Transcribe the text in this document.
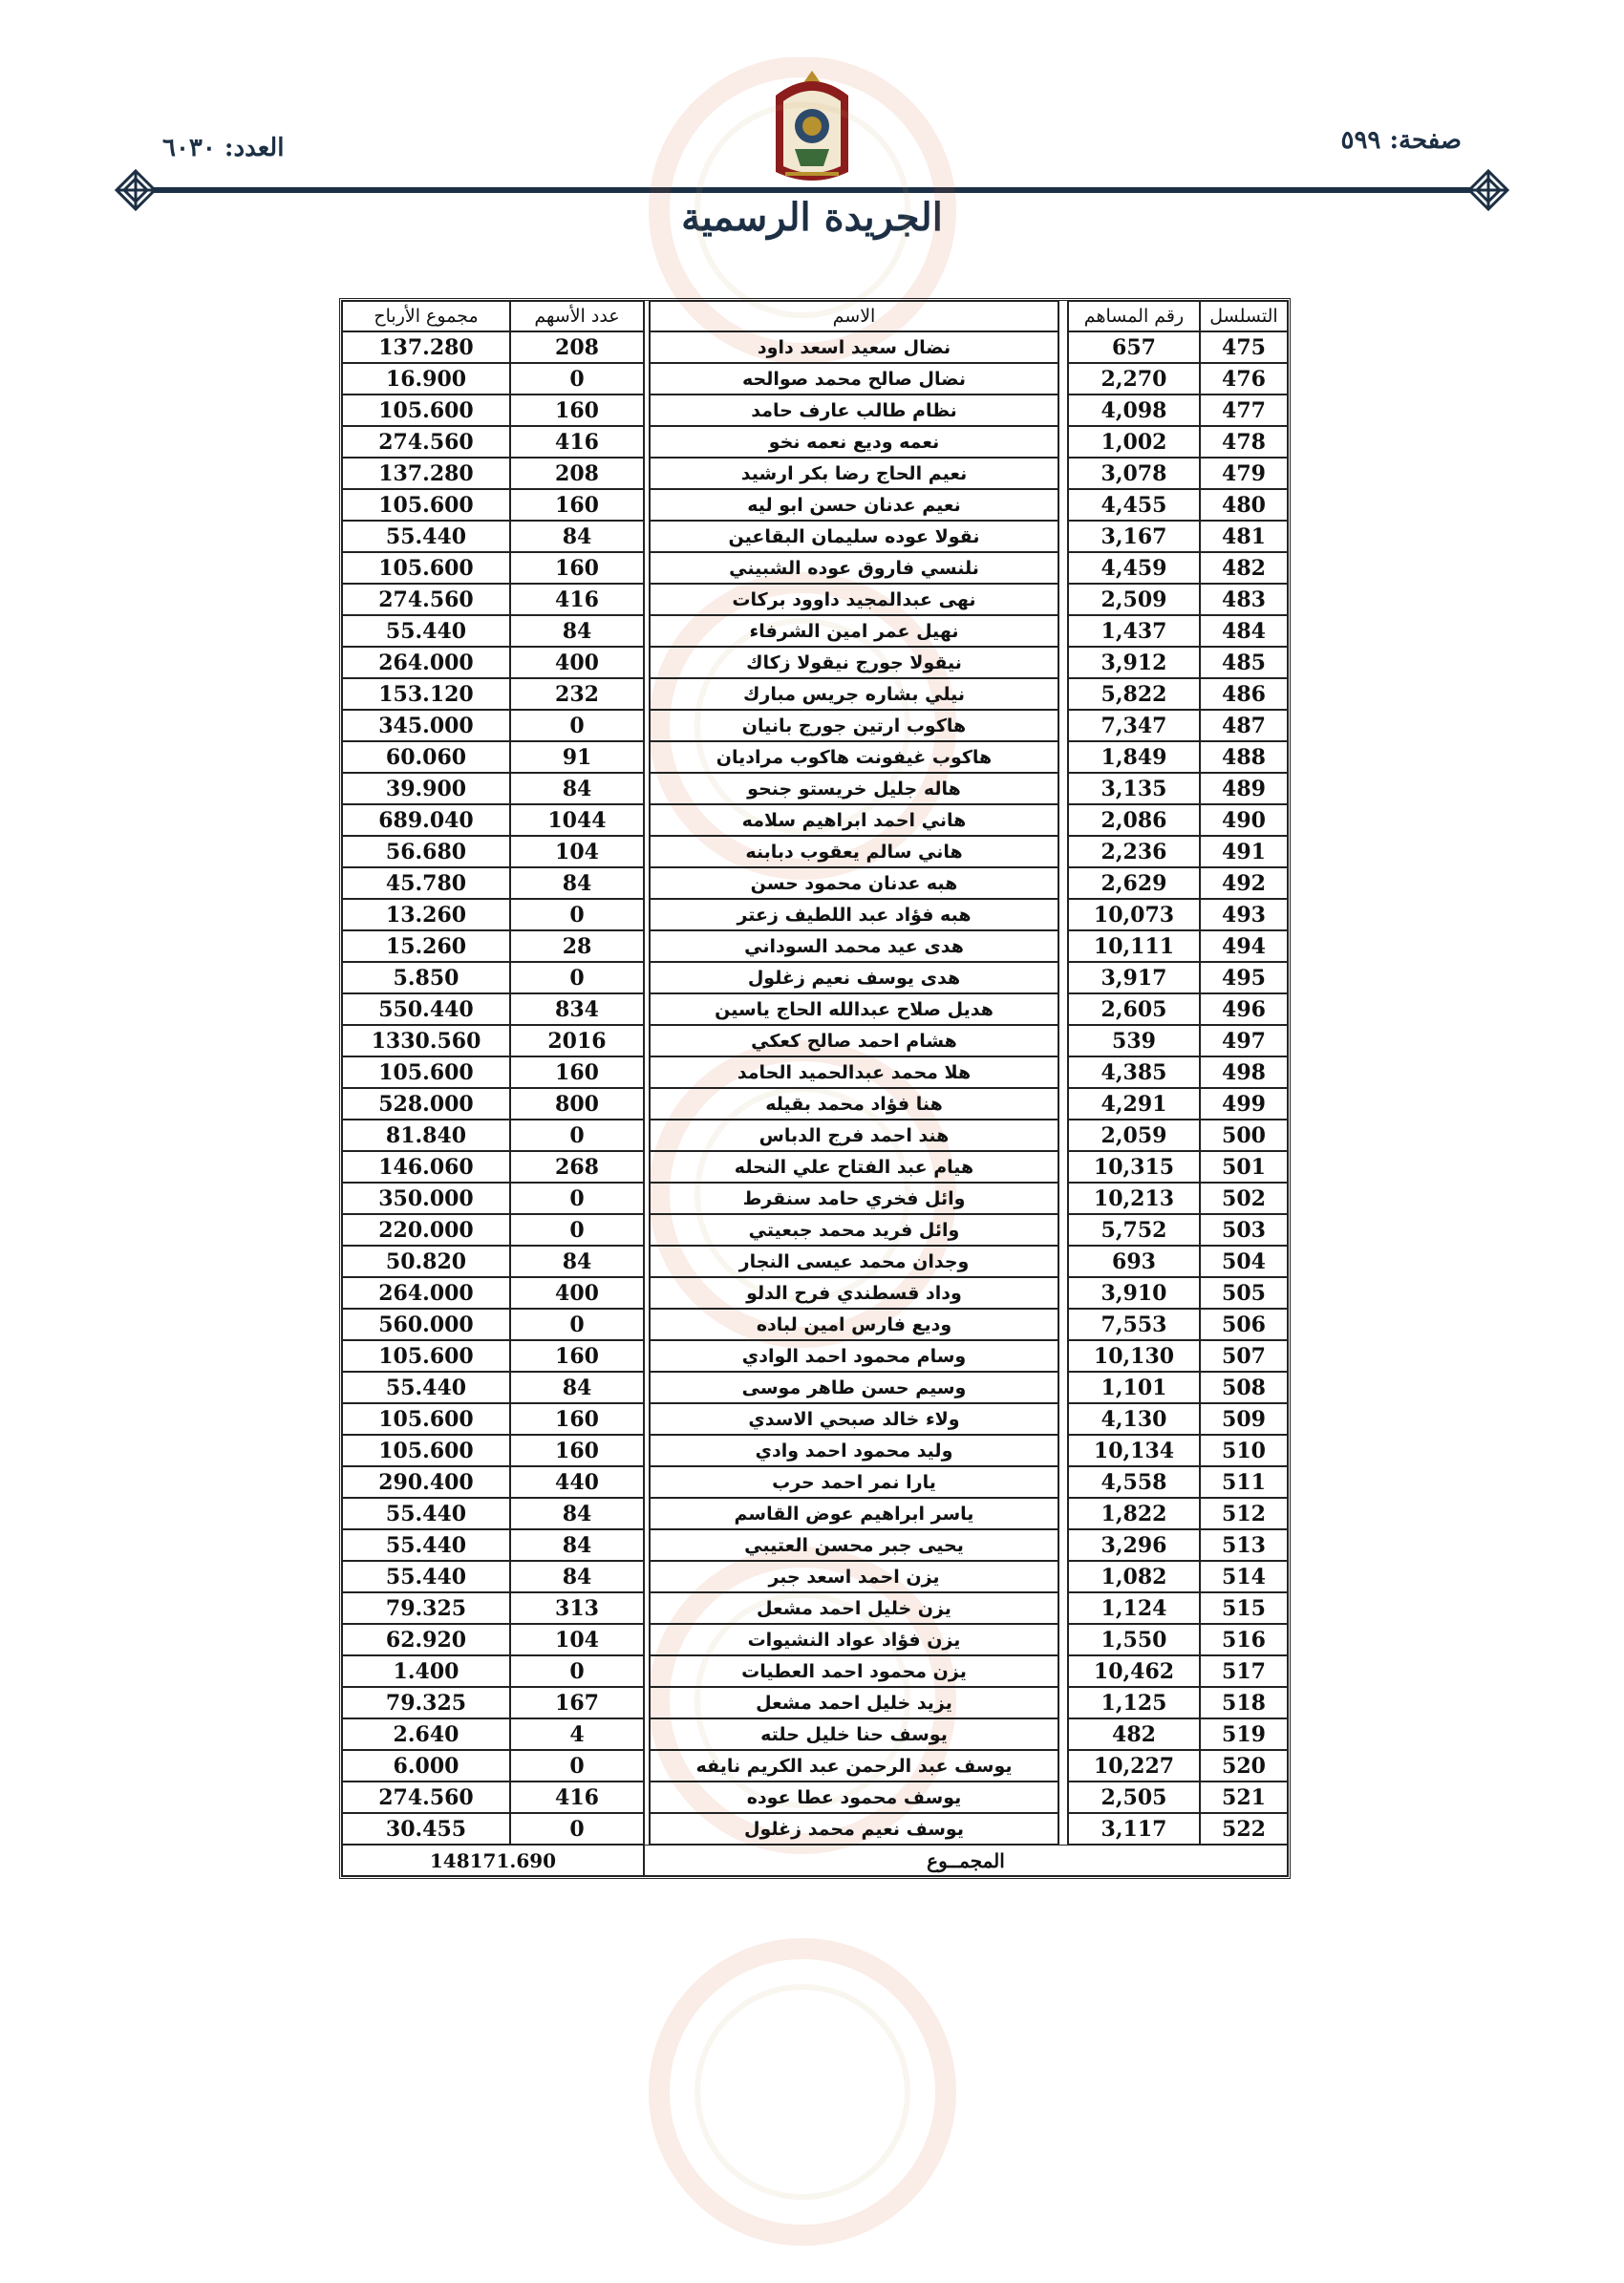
صفحة: ٥٩٩
العدد: ٦٠٣٠
الجريدة الرسمية
التسلسل	رقم المساهم		الاسم		عدد الأسهم	مجموع الأرباح
475	657		نضال سعيد اسعد داود		208	137.280
476	2,270		نضال صالح محمد صوالحه		0	16.900
477	4,098		نظام طالب عارف حامد		160	105.600
478	1,002		نعمه وديع نعمه نخو		416	274.560
479	3,078		نعيم الحاج رضا بكر ارشيد		208	137.280
480	4,455		نعيم عدنان حسن ابو ليه		160	105.600
481	3,167		نقولا عوده سليمان البقاعين		84	55.440
482	4,459		نلنسي فاروق عوده الشبيني		160	105.600
483	2,509		نهى عبدالمجيد داوود بركات		416	274.560
484	1,437		نهيل عمر امين الشرفاء		84	55.440
485	3,912		نيقولا جورج نيقولا زكاك		400	264.000
486	5,822		نيلي بشاره جريس مبارك		232	153.120
487	7,347		هاكوب ارتين جورج بانيان		0	345.000
488	1,849		هاكوب غيفونت هاكوب مراديان		91	60.060
489	3,135		هاله جليل خريستو جنحو		84	39.900
490	2,086		هاني احمد ابراهيم سلامه		1044	689.040
491	2,236		هاني سالم يعقوب دبابنه		104	56.680
492	2,629		هبه عدنان محمود حسن		84	45.780
493	10,073		هبه فؤاد عبد اللطيف زعتر		0	13.260
494	10,111		هدى عيد محمد السوداني		28	15.260
495	3,917		هدى يوسف نعيم زغلول		0	5.850
496	2,605		هديل صلاح عبدالله الحاج ياسين		834	550.440
497	539		هشام احمد صالح كعكي		2016	1330.560
498	4,385		هلا محمد عبدالحميد الحامد		160	105.600
499	4,291		هنا فؤاد محمد بقيله		800	528.000
500	2,059		هند احمد فرج الدباس		0	81.840
501	10,315		هيام عبد الفتاح علي النحله		268	146.060
502	10,213		وائل فخري حامد سنقرط		0	350.000
503	5,752		وائل فريد محمد جبعيتي		0	220.000
504	693		وجدان محمد عيسى النجار		84	50.820
505	3,910		وداد قسطندي فرح الدلو		400	264.000
506	7,553		وديع فارس امين لباده		0	560.000
507	10,130		وسام محمود احمد الوادي		160	105.600
508	1,101		وسيم حسن طاهر موسى		84	55.440
509	4,130		ولاء خالد صبحي الاسدي		160	105.600
510	10,134		وليد محمود احمد وادي		160	105.600
511	4,558		يارا نمر احمد حرب		440	290.400
512	1,822		ياسر ابراهيم عوض القاسم		84	55.440
513	3,296		يحيى جبر محسن العتيبي		84	55.440
514	1,082		يزن احمد اسعد جبر		84	55.440
515	1,124		يزن خليل احمد مشعل		313	79.325
516	1,550		يزن فؤاد عواد النشيوات		104	62.920
517	10,462		يزن محمود احمد العطيات		0	1.400
518	1,125		يزيد خليل احمد مشعل		167	79.325
519	482		يوسف حنا خليل حلته		4	2.640
520	10,227		يوسف عبد الرحمن عبد الكريم نايفه		0	6.000
521	2,505		يوسف محمود عطا عوده		416	274.560
522	3,117		يوسف نعيم محمد زغلول		0	30.455
المجمــوع					148171.690	
